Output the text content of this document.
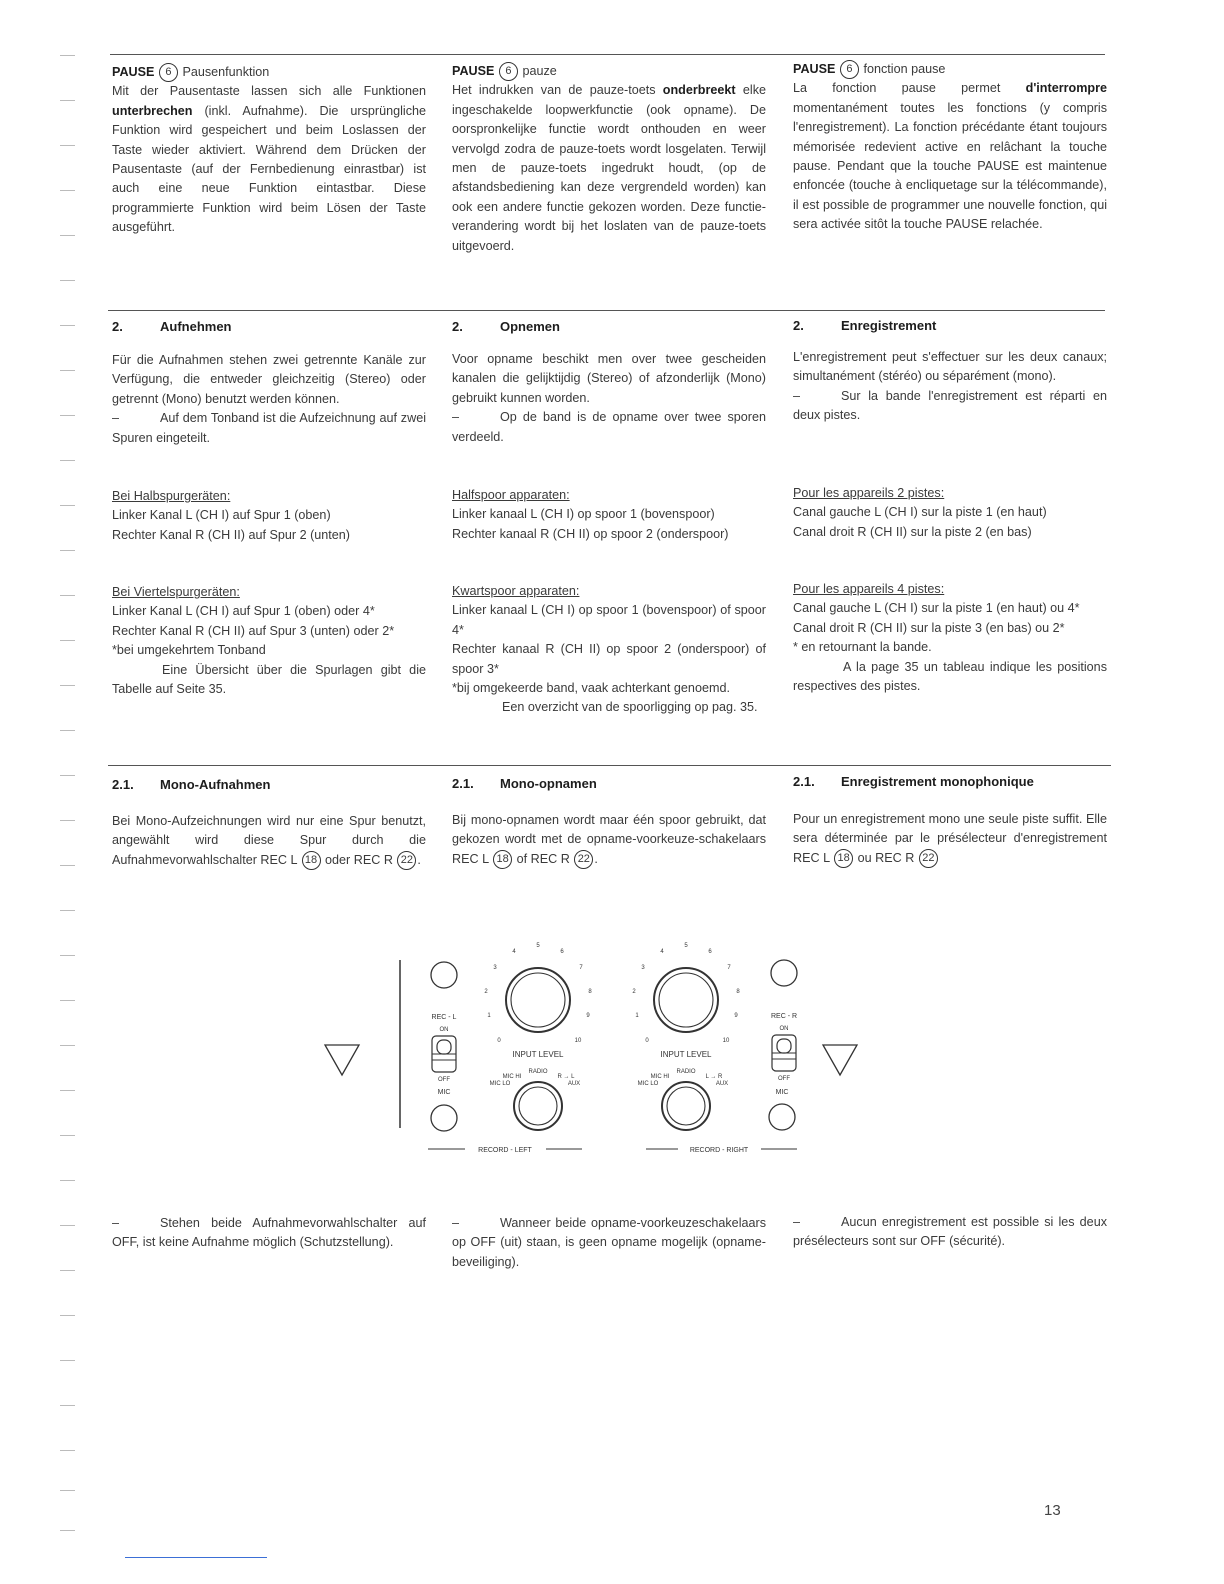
PAUSE 6 Pausenfunktion

Mit der Pausentaste lassen sich alle Funktionen unterbrechen (inkl. Aufnahme). Die ursprüngliche Funktion wird gespeichert und beim Loslassen der Taste wieder aktiviert. Während dem Drücken der Pausentaste (auf der Fernbedienung einrastbar) ist auch eine neue Funktion eintastbar. Diese programmierte Funktion wird beim Lösen der Taste ausgeführt.

PAUSE 6 pauze

Het indrukken van de pauze-toets onderbreekt elke ingeschakelde loopwerkfunctie (ook opname). De oorspronkelijke functie wordt onthouden en weer vervolgd zodra de pauze-toets wordt losgelaten. Terwijl men de pauze-toets ingedrukt houdt, (op de afstandsbediening kan deze vergrendeld worden) kan ook een andere functie gekozen worden. Deze functie-verandering wordt bij het loslaten van de pauze-toets uitgevoerd.

PAUSE 6 fonction pause

La fonction pause permet d'interrompre momentanément toutes les fonctions (y compris l'enregistrement). La fonction précédante étant toujours mémorisée redevient active en relâchant la touche pause. Pendant que la touche PAUSE est maintenue enfoncée (touche à encliquetage sur la télécommande), il est possible de programmer une nouvelle fonction, qui sera activée sitôt la touche PAUSE relachée.

2.	Aufnehmen	2.	Opnemen	2.	Enregistrement

Für die Aufnahmen stehen zwei getrennte Kanäle zur Verfügung, die entweder gleichzeitig (Stereo) oder getrennt (Mono) benutzt werden können.

–	Auf dem Tonband ist die Aufzeichnung auf zwei Spuren eingeteilt.

Bei Halbspurgeräten:
Linker Kanal L (CH I) auf Spur 1 (oben)
Rechter Kanal R (CH II) auf Spur 2 (unten)
Bei Viertelspurgeräten:
Linker Kanal L (CH I) auf Spur 1 (oben) oder 4*
Rechter Kanal R (CH II) auf Spur 3 (unten) oder 2*
*bei umgekehrtem Tonband
Eine Übersicht über die Spurlagen gibt die Tabelle auf Seite 35.

Voor opname beschikt men over twee gescheiden kanalen die gelijktijdig (Stereo) of afzonderlijk (Mono) gebruikt kunnen worden.

–	Op de band is de opname over twee sporen verdeeld.

Halfspoor apparaten:
Linker kanaal L (CH I) op spoor 1 (bovenspoor)
Rechter kanaal R (CH II) op spoor 2 (onderspoor)
Kwartspoor apparaten:
Linker kanaal L (CH I) op spoor 1 (bovenspoor) of spoor 4*
Rechter kanaal R (CH II) op spoor 2 (onderspoor) of spoor 3*
*bij omgekeerde band, vaak achterkant genoemd.
Een overzicht van de spoorligging op pag. 35.

L'enregistrement peut s'effectuer sur les deux canaux; simultanément (stéréo) ou séparément (mono).

–	Sur la bande l'enregistrement est réparti en deux pistes.

Pour les appareils 2 pistes:
Canal gauche L (CH I) sur la piste 1 (en haut)
Canal droit R (CH II) sur la piste 2 (en bas)
Pour les appareils 4 pistes:
Canal gauche L (CH I) sur la piste 1 (en haut) ou 4*
Canal droit R (CH II) sur la piste 3 (en bas) ou 2*
* en retournant la bande.
A la page 35 un tableau indique les positions respectives des pistes.
2.1. Mono-Aufnahmen	2.1. Mono-opnamen	2.1. Enregistrement monophonique
Bei Mono-Aufzeichnungen wird nur eine Spur benutzt, angewählt wird diese Spur durch die Aufnahmevorwahlschalter REC L 18 oder REC R 22 .
Bij mono-opnamen wordt maar één spoor gebruikt, dat gekozen wordt met de opname-voorkeuze-schakelaars REC L 18 of REC R 22 .
Pour un enregistrement mono une seule piste suffit. Elle sera déterminée par le présélecteur d'enregistrement REC L 18 ou REC R 22
REC - L
ON
OFF
MIC
0
1
2
3
4
5
6
7
8
9
10
INPUT LEVEL
RADIO
MIC HI
MIC LO
R → L
AUX
RECORD - LEFT
0
1
2
3
4
5
6
7
8
9
10
INPUT LEVEL
RADIO
MIC HI
MIC LO
L → R
AUX
RECORD - RIGHT
REC - R
ON
OFF
MIC
–	Stehen beide Aufnahmevorwahlschalter auf OFF, ist keine Aufnahme möglich (Schutzstellung).
–	Wanneer beide opname-voorkeuzeschakelaars op OFF (uit) staan, is geen opname mogelijk (opname-beveiliging).
–	Aucun enregistrement est possible si les deux présélecteurs sont sur OFF (sécurité).
13
